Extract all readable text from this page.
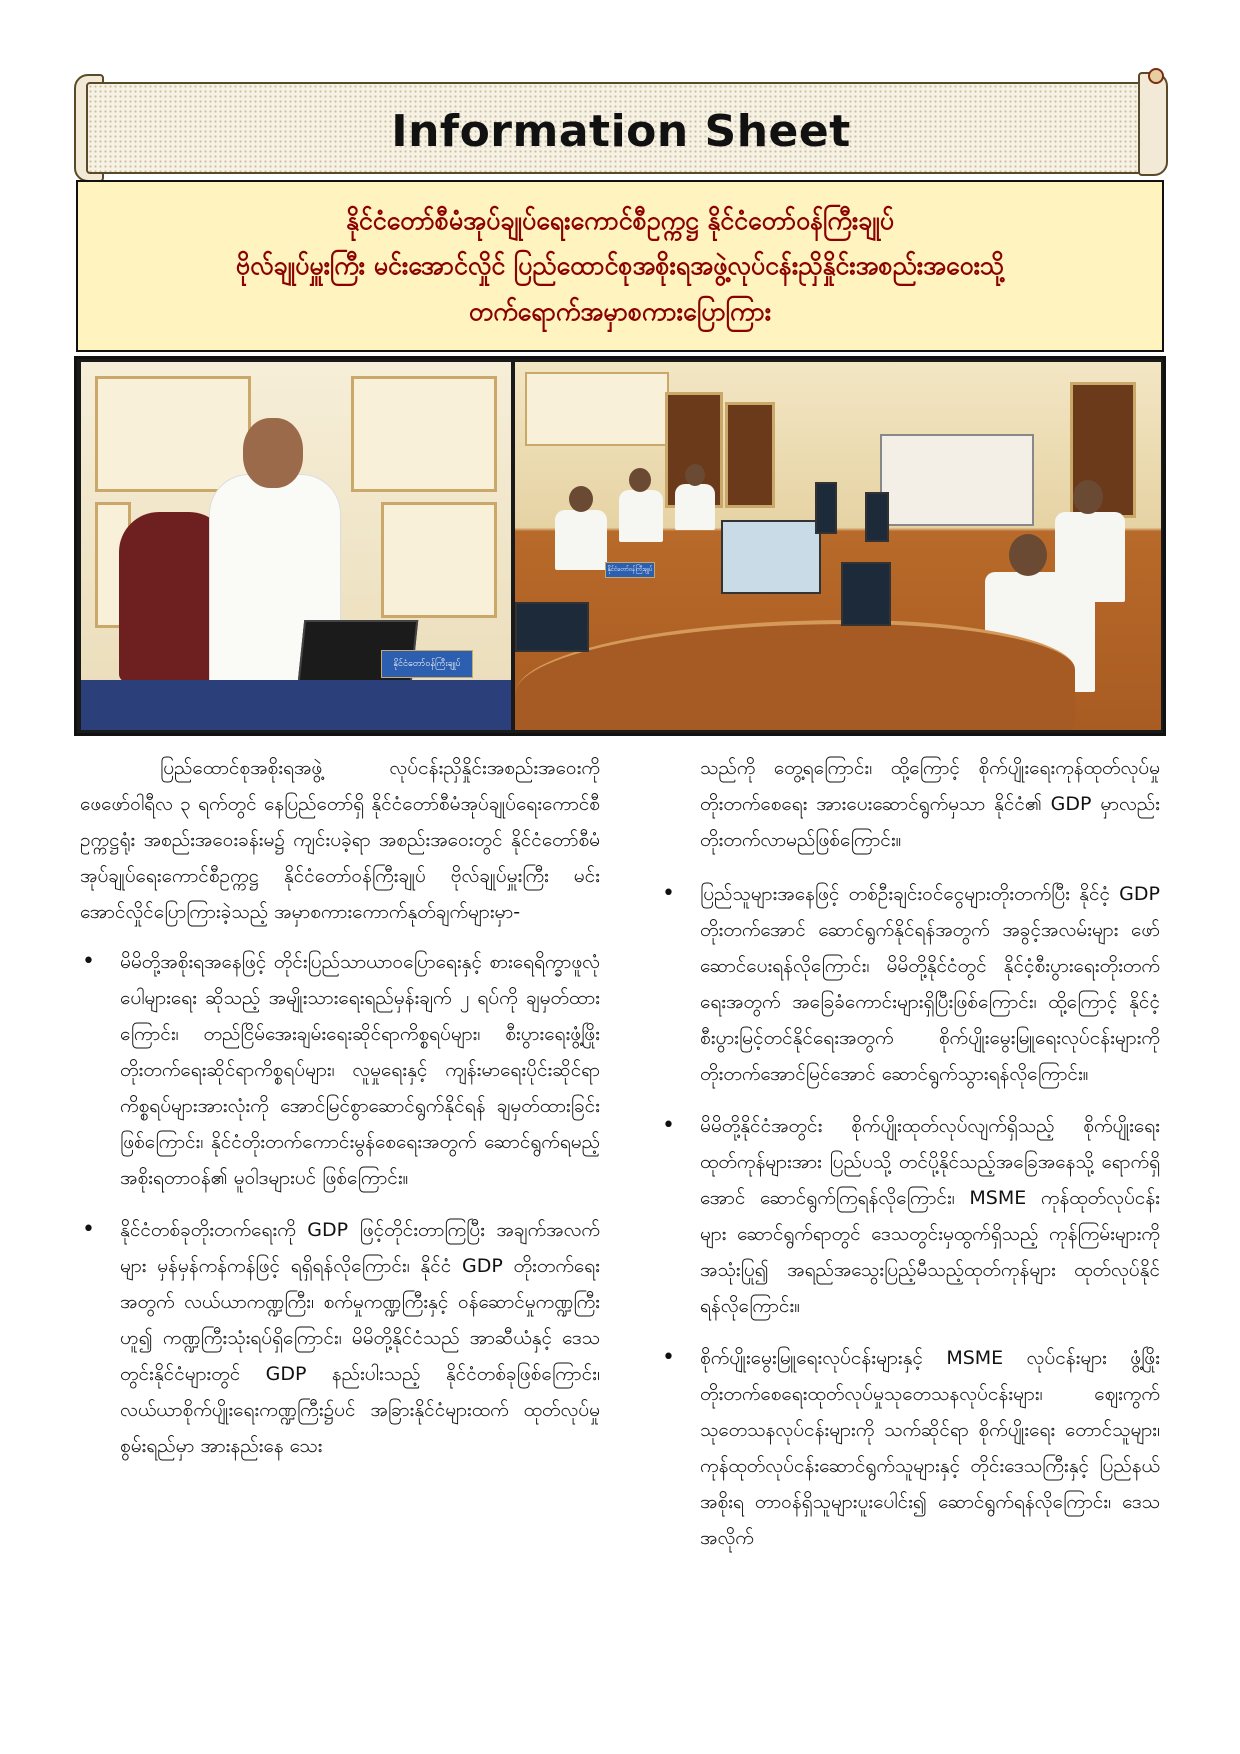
Information Sheet

နိုင်ငံတော်စီမံအုပ်ချုပ်ရေးကောင်စီဥက္ကဋ္ဌ နိုင်ငံတော်ဝန်ကြီးချုပ်

ဗိုလ်ချုပ်မှူးကြီး မင်းအောင်လှိုင် ပြည်ထောင်စုအစိုးရအဖွဲ့လုပ်ငန်းညှိနှိုင်းအစည်းအဝေးသို့

တက်ရောက်အမှာစကားပြောကြား

နိုင်ငံတော်ဝန်ကြီးချုပ်
နိုင်ငံတော်ဝန်ကြီးချုပ်

ပြည်ထောင်စုအစိုးရအဖွဲ့ လုပ်ငန်းညှိနှိုင်းအစည်းအဝေးကို ဖေဖော်ဝါရီလ ၃ ရက်တွင် နေပြည်တော်ရှိ နိုင်ငံတော်စီမံအုပ်ချုပ်ရေးကောင်စီဥက္ကဋ္ဌရုံး အစည်းအဝေးခန်းမ၌ ကျင်းပခဲ့ရာ အစည်းအဝေးတွင် နိုင်ငံတော်စီမံအုပ်ချုပ်ရေးကောင်စီဥက္ကဋ္ဌ နိုင်ငံတော်ဝန်ကြီးချုပ် ဗိုလ်ချုပ်မှူးကြီး မင်းအောင်လှိုင်ပြောကြားခဲ့သည့် အမှာစကားကောက်နုတ်ချက်များမှာ-

• မိမိတို့အစိုးရအနေဖြင့် တိုင်းပြည်သာယာဝပြောရေးနှင့် စားရေရိက္ခာဖူလုံပေါများရေး ဆိုသည့် အမျိုးသားရေးရည်မှန်းချက် ၂ ရပ်ကို ချမှတ်ထားကြောင်း၊ တည်ငြိမ်အေးချမ်းရေးဆိုင်ရာကိစ္စရပ်များ၊ စီးပွားရေးဖွံ့ဖြိုးတိုးတက်ရေးဆိုင်ရာကိစ္စရပ်များ၊ လူမှုရေးနှင့် ကျန်းမာရေးပိုင်းဆိုင်ရာကိစ္စရပ်များအားလုံးကို အောင်မြင်စွာဆောင်ရွက်နိုင်ရန် ချမှတ်ထားခြင်းဖြစ်ကြောင်း၊ နိုင်ငံတိုးတက်ကောင်းမွန်စေရေးအတွက် ဆောင်ရွက်ရမည့် အစိုးရတာဝန်၏ မူဝါဒများပင် ဖြစ်ကြောင်း။
• နိုင်ငံတစ်ခုတိုးတက်ရေးကို GDP ဖြင့်တိုင်းတာကြပြီး အချက်အလက်များ မှန်မှန်ကန်ကန်ဖြင့် ရရှိရန်လိုကြောင်း၊ နိုင်ငံ GDP တိုးတက်ရေးအတွက် လယ်ယာကဏ္ဍကြီး၊ စက်မှုကဏ္ဍကြီးနှင့် ဝန်ဆောင်မှုကဏ္ဍကြီးဟူ၍ ကဏ္ဍကြီးသုံးရပ်ရှိကြောင်း၊ မိမိတို့နိုင်ငံသည် အာဆီယံနှင့် ဒေသတွင်းနိုင်ငံများတွင် GDP နည်းပါးသည့် နိုင်ငံတစ်ခုဖြစ်ကြောင်း၊ လယ်ယာစိုက်ပျိုးရေးကဏ္ဍကြီး၌ပင် အခြားနိုင်ငံများထက် ထုတ်လုပ်မှုစွမ်းရည်မှာ အားနည်းနေ သေး

သည်ကို တွေ့ရကြောင်း၊ ထို့ကြောင့် စိုက်ပျိုးရေးကုန်ထုတ်လုပ်မှုတိုးတက်စေရေး အားပေးဆောင်ရွက်မှသာ နိုင်ငံ၏ GDP မှာလည်း တိုးတက်လာမည်ဖြစ်ကြောင်း။

• ပြည်သူများအနေဖြင့် တစ်ဦးချင်းဝင်ငွေများတိုးတက်ပြီး နိုင်ငံ့ GDP တိုးတက်အောင် ဆောင်ရွက်နိုင်ရန်အတွက် အခွင့်အလမ်းများ ဖော်ဆောင်ပေးရန်လိုကြောင်း၊ မိမိတို့နိုင်ငံတွင် နိုင်ငံ့စီးပွားရေးတိုးတက်ရေးအတွက် အခြေခံကောင်းများရှိပြီးဖြစ်ကြောင်း၊ ထို့ကြောင့် နိုင်ငံ့စီးပွားမြင့်တင်နိုင်ရေးအတွက် စိုက်ပျိုးမွေးမြူရေးလုပ်ငန်းများကို တိုးတက်အောင်မြင်အောင် ဆောင်ရွက်သွားရန်လိုကြောင်း။
• မိမိတို့နိုင်ငံအတွင်း စိုက်ပျိုးထုတ်လုပ်လျက်ရှိသည့် စိုက်ပျိုးရေးထုတ်ကုန်များအား ပြည်ပသို့ တင်ပို့နိုင်သည့်အခြေအနေသို့ ရောက်ရှိအောင် ဆောင်ရွက်ကြရန်လိုကြောင်း၊ MSME ကုန်ထုတ်လုပ်ငန်းများ ဆောင်ရွက်ရာတွင် ဒေသတွင်းမှထွက်ရှိသည့် ကုန်ကြမ်းများကို အသုံးပြု၍ အရည်အသွေးပြည့်မီသည့်ထုတ်ကုန်များ ထုတ်လုပ်နိုင်ရန်လိုကြောင်း။
• စိုက်ပျိုးမွေးမြူရေးလုပ်ငန်းများနှင့် MSME လုပ်ငန်းများ ဖွံ့ဖြိုးတိုးတက်စေရေးထုတ်လုပ်မှုသုတေသနလုပ်ငန်းများ၊ ဈေးကွက်သုတေသနလုပ်ငန်းများကို သက်ဆိုင်ရာ စိုက်ပျိုးရေး တောင်သူများ၊ ကုန်ထုတ်လုပ်ငန်းဆောင်ရွက်သူများနှင့် တိုင်းဒေသကြီးနှင့် ပြည်နယ်အစိုးရ တာဝန်ရှိသူများပူးပေါင်း၍ ဆောင်ရွက်ရန်လိုကြောင်း၊ ဒေသအလိုက်
